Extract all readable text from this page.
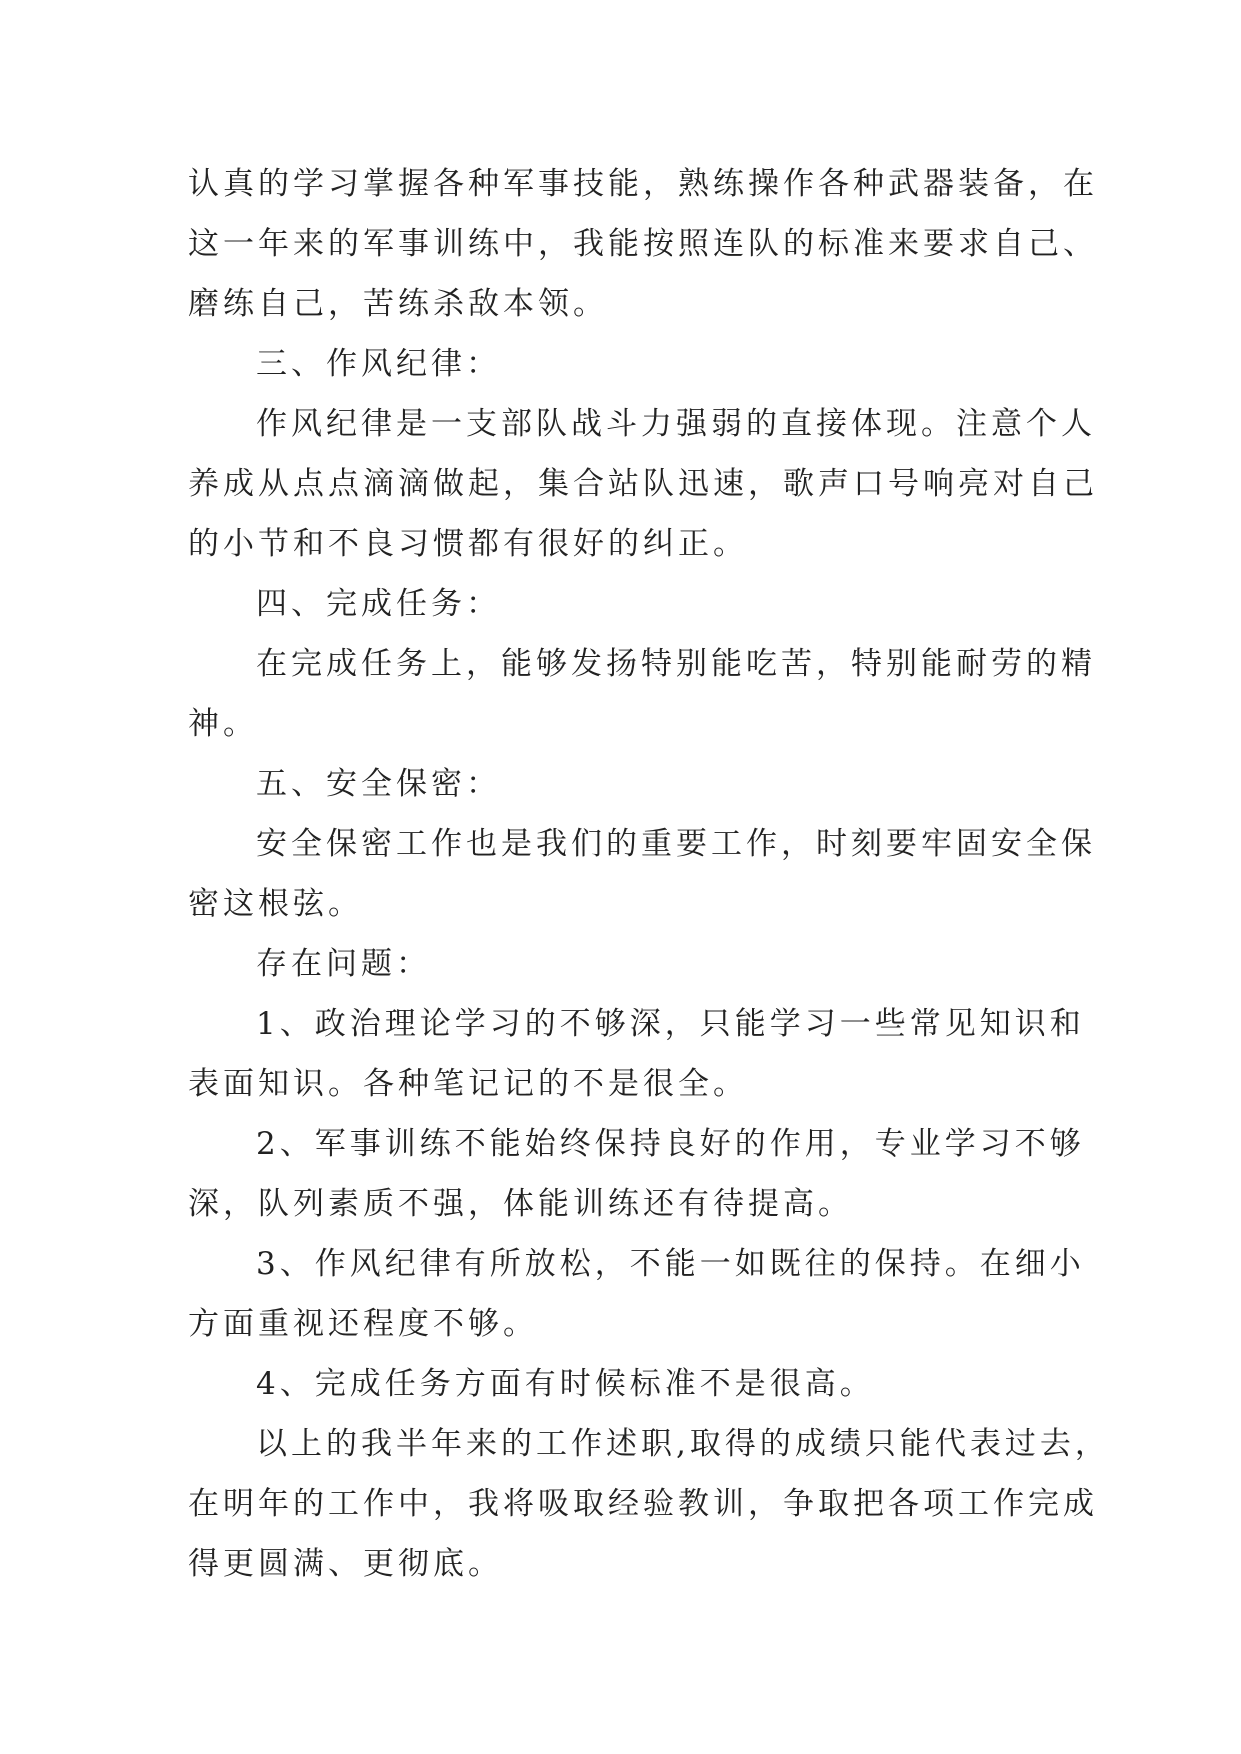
认真的学习掌握各种军事技能，熟练操作各种武器装备，在
这一年来的军事训练中，我能按照连队的标准来要求自己、
磨练自己，苦练杀敌本领。
三、作风纪律：
作风纪律是一支部队战斗力强弱的直接体现。注意个人
养成从点点滴滴做起，集合站队迅速，歌声口号响亮对自己
的小节和不良习惯都有很好的纠正。
四、完成任务：
在完成任务上，能够发扬特别能吃苦，特别能耐劳的精
神。
五、安全保密：
安全保密工作也是我们的重要工作，时刻要牢固安全保
密这根弦。
存在问题：
1、政治理论学习的不够深，只能学习一些常见知识和
表面知识。各种笔记记的不是很全。
2、军事训练不能始终保持良好的作用，专业学习不够
深，队列素质不强，体能训练还有待提高。
3、作风纪律有所放松，不能一如既往的保持。在细小
方面重视还程度不够。
4、完成任务方面有时候标准不是很高。
以上的我半年来的工作述职,取得的成绩只能代表过去，
在明年的工作中，我将吸取经验教训，争取把各项工作完成
得更圆满、更彻底。
